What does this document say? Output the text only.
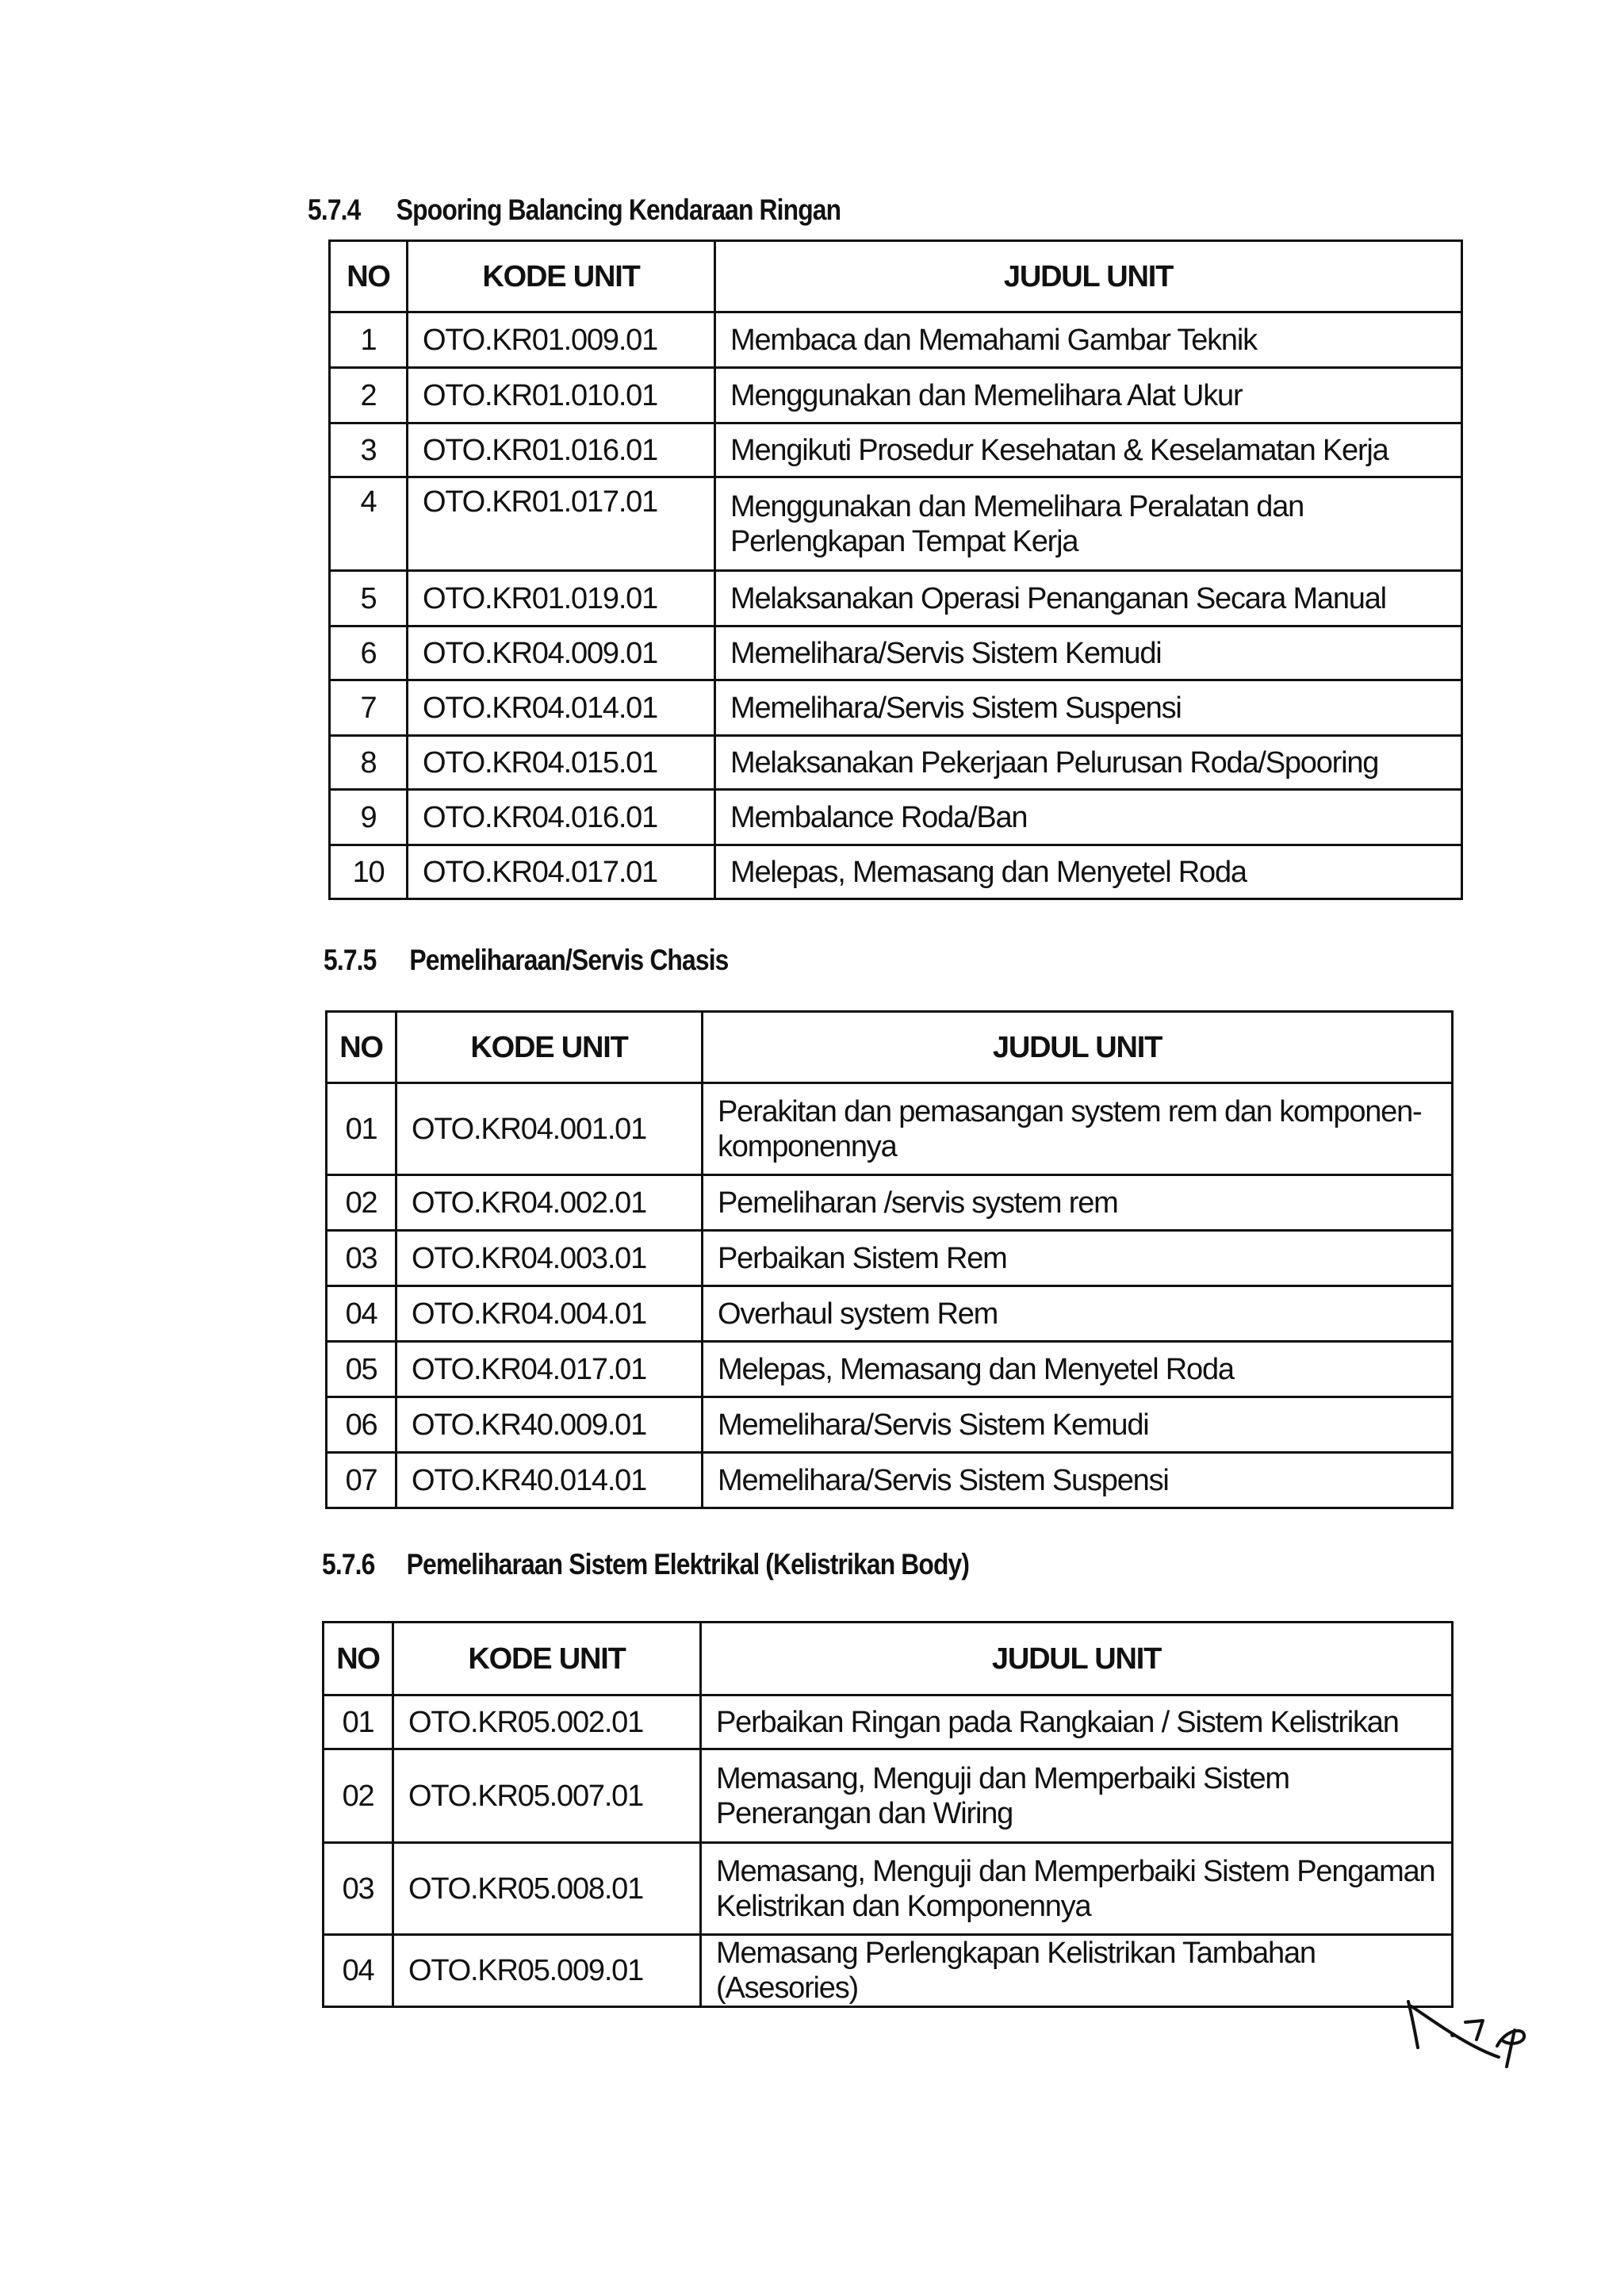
5.7.4 Spooring Balancing Kendaraan Ringan
NO	KODE UNIT	JUDUL UNIT
1	OTO.KR01.009.01	Membaca dan Memahami Gambar Teknik
2	OTO.KR01.010.01	Menggunakan dan Memelihara Alat Ukur
3	OTO.KR01.016.01	Mengikuti Prosedur Kesehatan & Keselamatan Kerja
4	OTO.KR01.017.01	Menggunakan dan Memelihara Peralatan dan Perlengkapan Tempat Kerja
5	OTO.KR01.019.01	Melaksanakan Operasi Penanganan Secara Manual
6	OTO.KR04.009.01	Memelihara/Servis Sistem Kemudi
7	OTO.KR04.014.01	Memelihara/Servis Sistem Suspensi
8	OTO.KR04.015.01	Melaksanakan Pekerjaan Pelurusan Roda/Spooring
9	OTO.KR04.016.01	Membalance Roda/Ban
10	OTO.KR04.017.01	Melepas, Memasang dan Menyetel Roda
5.7.5 Pemeliharaan/Servis Chasis
NO	KODE UNIT	JUDUL UNIT
01	OTO.KR04.001.01	Perakitan dan pemasangan system rem dan komponen-komponennya
02	OTO.KR04.002.01	Pemeliharan /servis system rem
03	OTO.KR04.003.01	Perbaikan Sistem Rem
04	OTO.KR04.004.01	Overhaul system Rem
05	OTO.KR04.017.01	Melepas, Memasang dan Menyetel Roda
06	OTO.KR40.009.01	Memelihara/Servis Sistem Kemudi
07	OTO.KR40.014.01	Memelihara/Servis Sistem Suspensi
5.7.6 Pemeliharaan Sistem Elektrikal (Kelistrikan Body)
NO	KODE UNIT	JUDUL UNIT
01	OTO.KR05.002.01	Perbaikan Ringan pada Rangkaian / Sistem Kelistrikan
02	OTO.KR05.007.01	Memasang, Menguji dan Memperbaiki Sistem Penerangan dan Wiring
03	OTO.KR05.008.01	Memasang, Menguji dan Memperbaiki Sistem Pengaman Kelistrikan dan Komponennya
04	OTO.KR05.009.01	Memasang Perlengkapan Kelistrikan Tambahan (Asesories)
